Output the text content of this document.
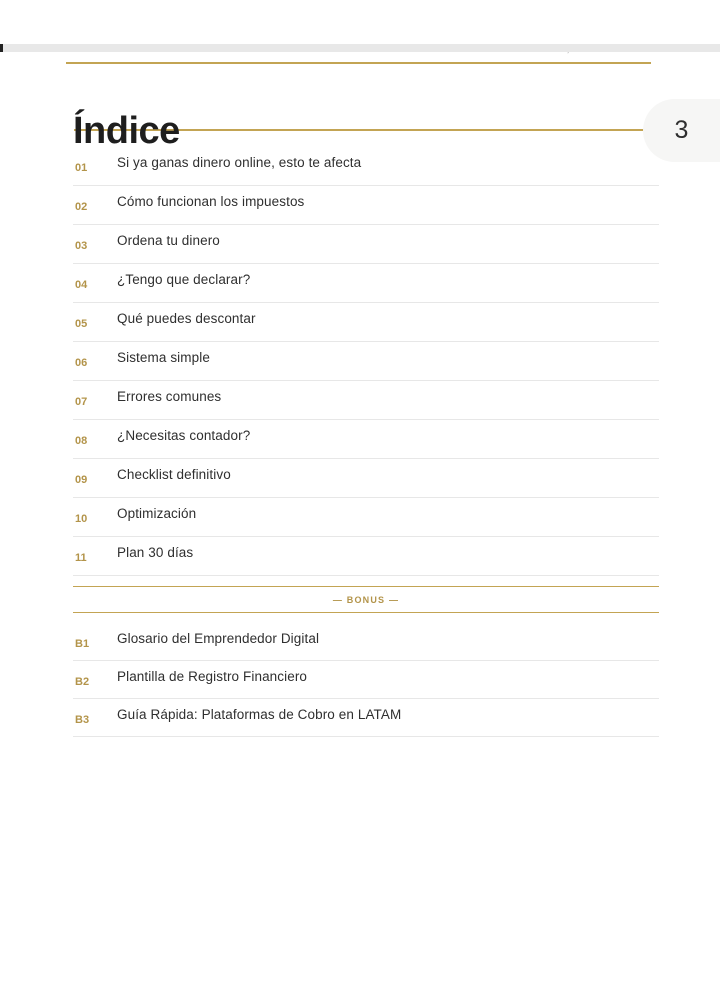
3
Índice
01	Si ya ganas dinero online, esto te afecta
02	Cómo funcionan los impuestos
03	Ordena tu dinero
04	¿Tengo que declarar?
05	Qué puedes descontar
06	Sistema simple
07	Errores comunes
08	¿Necesitas contador?
09	Checklist definitivo
10	Optimización
11	Plan 30 días
— BONUS —
B1	Glosario del Emprendedor Digital
B2	Plantilla de Registro Financiero
B3	Guía Rápida: Plataformas de Cobro en LATAM
